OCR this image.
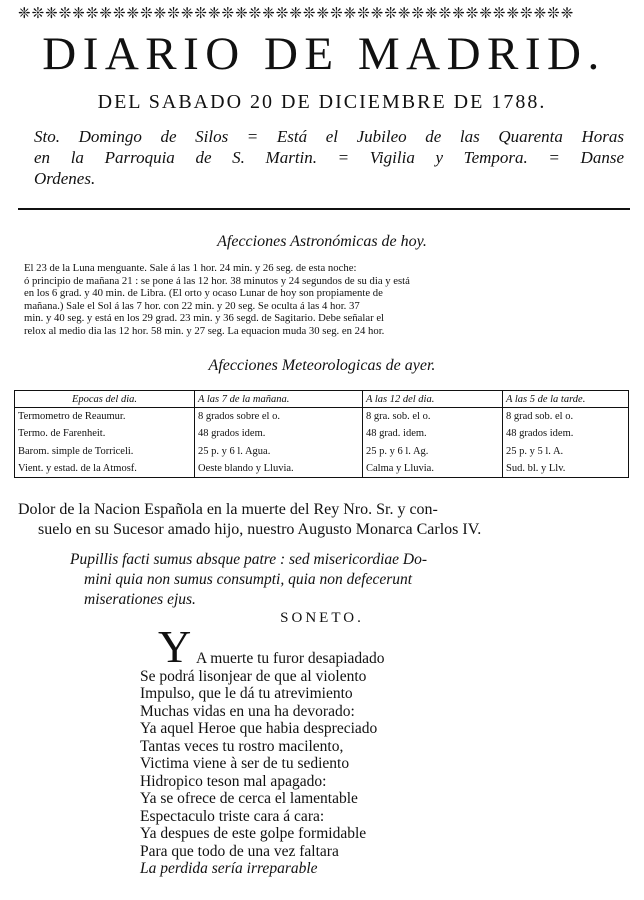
❈❊❈❊❈❊❈❊❈❊❈❊❈❊❈❊❈❊❈❊❈❊❈❊❈❊❈❊❈❊❈❊❈❊❈❊❈❊❈❊❈
DIARIO DE MADRID.
DEL SABADO 20 DE DICIEMBRE DE 1788.

Sto. Domingo de Silos = Está el Jubileo de las Quarenta Horas

en la Parroquia de S. Martin. = Vigilia y Tempora. = Danse

Ordenes.

Afecciones Astronómicas de hoy.
El 23 de la Luna menguante. Sale á las 1 hor. 24 min. y 26 seg. de esta noche:
ó principio de mañana 21 : se pone á las 12 hor. 38 minutos y 24 segundos de su dia y está
en los 6 grad. y 40 min. de Libra. (El orto y ocaso Lunar de hoy son propiamente de
mañana.) Sale el Sol á las 7 hor. con 22 min. y 20 seg. Se oculta á las 4 hor. 37
min. y 40 seg. y está en los 29 grad. 23 min. y 36 segd. de Sagitario. Debe señalar el
relox al medio dia las 12 hor. 58 min. y 27 seg. La equacion muda 30 seg. en 24 hor.
Afecciones Meteorologicas de ayer.
Epocas del dia.	A las 7 de la mañana.	A las 12 del dia.	A las 5 de la tarde.
Termometro de Reaumur.	8 grados sobre el o.	8 gra. sob. el o.	8 grad sob. el o.
Termo. de Farenheit.	48 grados idem.	48 grad. idem.	48 grados idem.
Barom. simple de Torriceli.	25 p. y 6 l. Agua.	25 p. y 6 l. Ag.	25 p. y 5 l. A.
Vient. y estad. de la Atmosf.	Oeste blando y Lluvia.	Calma y Lluvia.	Sud. bl. y Llv.
Dolor de la Nacion Española en la muerte del Rey Nro. Sr. y con-
suelo en su Sucesor amado hijo, nuestro Augusto Monarca Carlos IV.
Pupillis facti sumus absque patre : sed misericordiae Do-
mini quia non sumus consumpti, quia non defecerunt
miserationes ejus.
SONETO.
Y A muerte tu furor desapiadado
Se podrá lisonjear de que al violento
Impulso, que le dá tu atrevimiento
Muchas vidas en una ha devorado:
Ya aquel Heroe que habia despreciado
Tantas veces tu rostro macilento,
Victima viene à ser de tu sediento
Hidropico teson mal apagado:
Ya se ofrece de cerca el lamentable
Espectaculo triste cara á cara:
Ya despues de este golpe formidable
Para que todo de una vez faltara
La perdida sería irreparable
